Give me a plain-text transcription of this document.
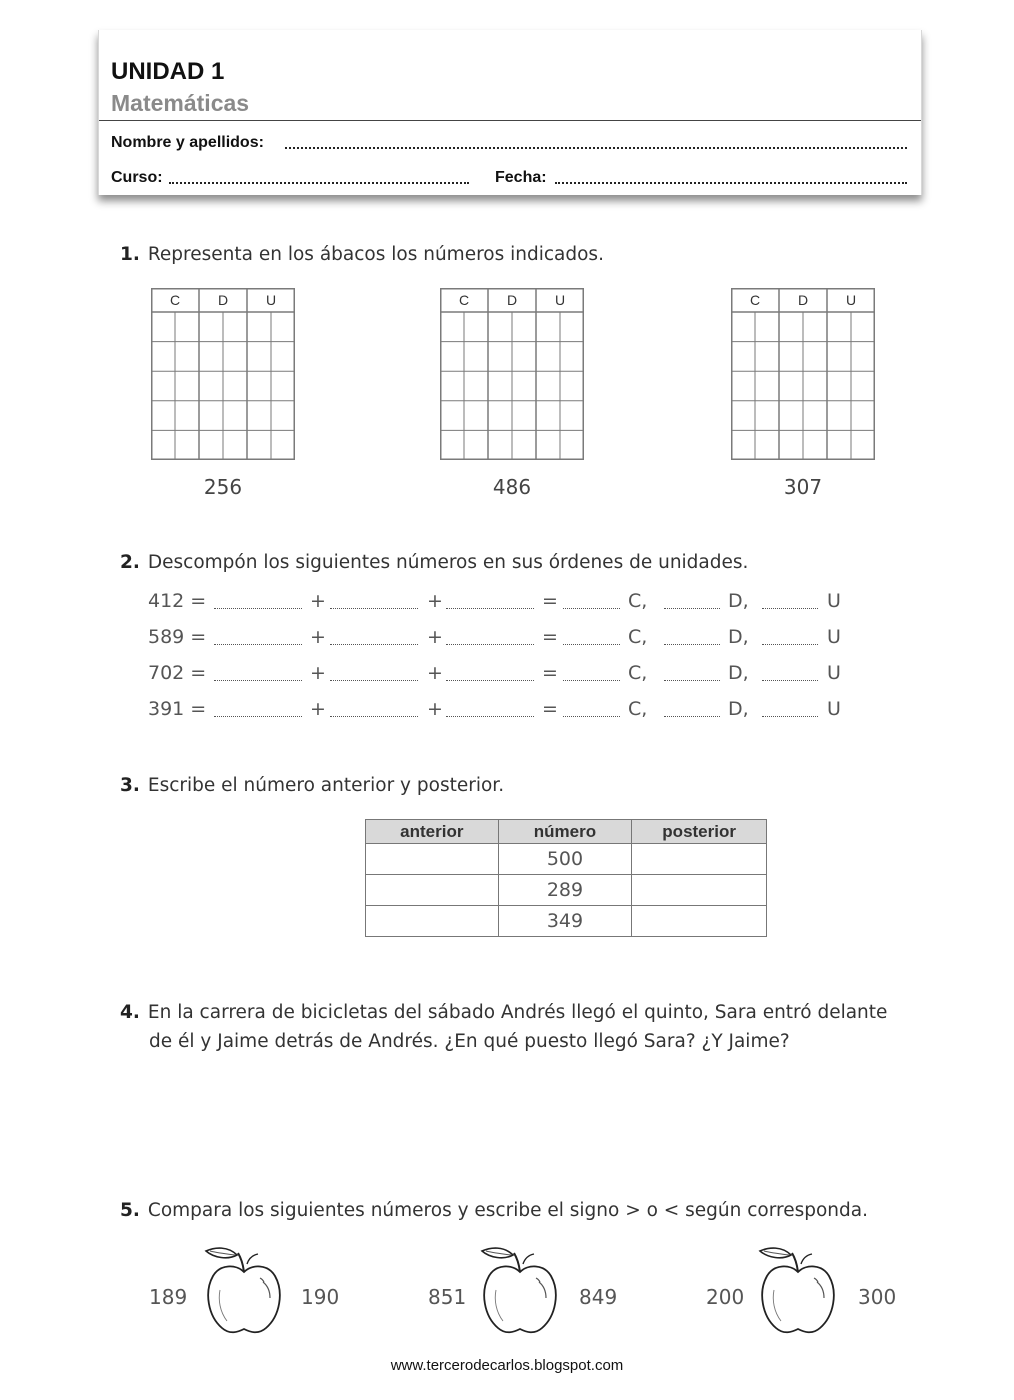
UNIDAD 1
Matemáticas
Nombre y apellidos:
Curso:	Fecha:
1. Representa en los ábacos los números indicados.
C	D	U	C	D	U	C	D	U
256	486	307
2. Descompón los siguientes números en sus órdenes de unidades.
412 =	+	+	=	C,	D,	U
589 =	+	+	=	C,	D,	U
702 =	+	+	=	C,	D,	U
391 =	+	+	=	C,	D,	U
3. Escribe el número anterior y posterior.
anterior	número	posterior
	500	
	289	
	349	
4. En la carrera de bicicletas del sábado Andrés llegó el quinto, Sara entró delante
de él y Jaime detrás de Andrés. ¿En qué puesto llegó Sara? ¿Y Jaime?
5. Compara los siguientes números y escribe el signo > o < según corresponda.
189	190	851	849	200	300
www.tercerodecarlos.blogspot.com
